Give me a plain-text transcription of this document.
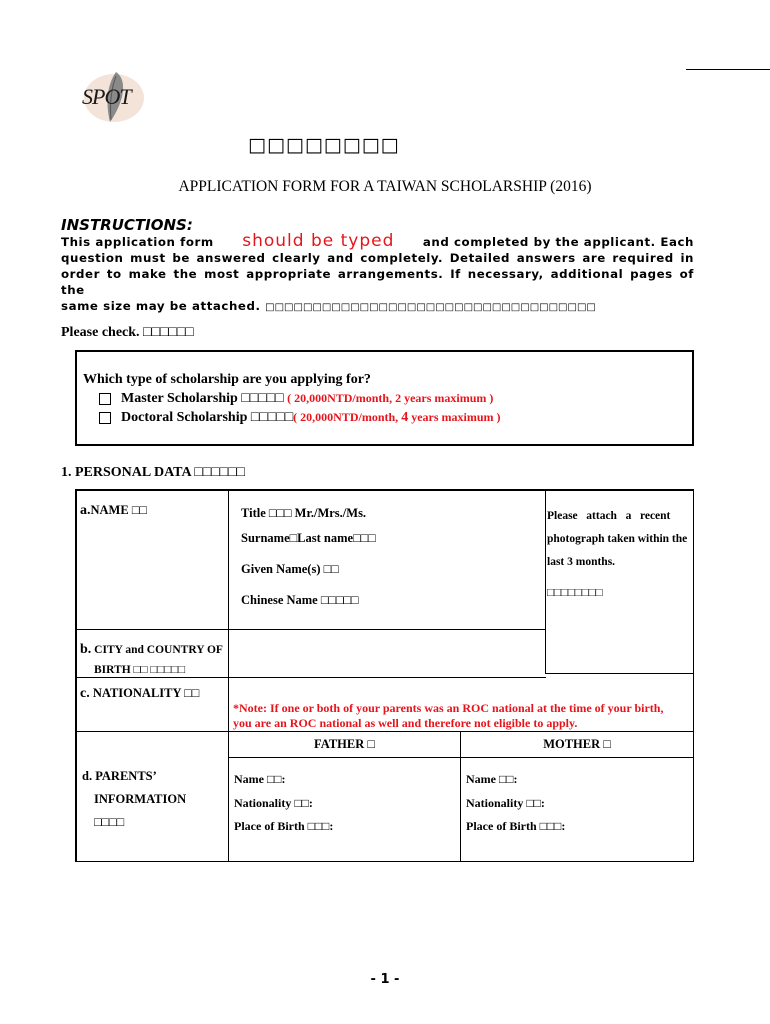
SPOT
□□□□□□□□
APPLICATION FORM FOR A TAIWAN SCHOLARSHIP (2016)
INSTRUCTIONS:
This application form should be typed and completed by the applicant. Each
question must be answered clearly and completely. Detailed answers are required in
order to make the most appropriate arrangements. If necessary, additional pages of the
same size may be attached. □□□□□□□□□□□□□□□□□□□□□□□□□□□□□□□□□□□
Please check. □□□□□□
Which type of scholarship are you applying for?
Master Scholarship □□□□□ ( 20,000NTD/month, 2 years maximum )
Doctoral Scholarship □□□□□( 20,000NTD/month, 4 years maximum )
1. PERSONAL DATA □□□□□□
a.NAME □□	Title □□□ Mr./Mrs./Ms.
Surname□Last name□□□
Given Name(s) □□
Chinese Name □□□□□
Please   attach   a   recent
photograph taken within the
last 3 months.
□□□□□□□□
b. CITY and COUNTRY OF
BIRTH □□ □□□□□
c. NATIONALITY □□
*Note: If one or both of your parents was an ROC national at the time of your birth,
you are an ROC national as well and therefore not eligible to apply.
FATHER □	MOTHER □
d. PARENTS’
INFORMATION
□□□□
Name □□:
Nationality □□:
Place of Birth □□□:
Name □□:
Nationality □□:
Place of Birth □□□:
- 1 -
